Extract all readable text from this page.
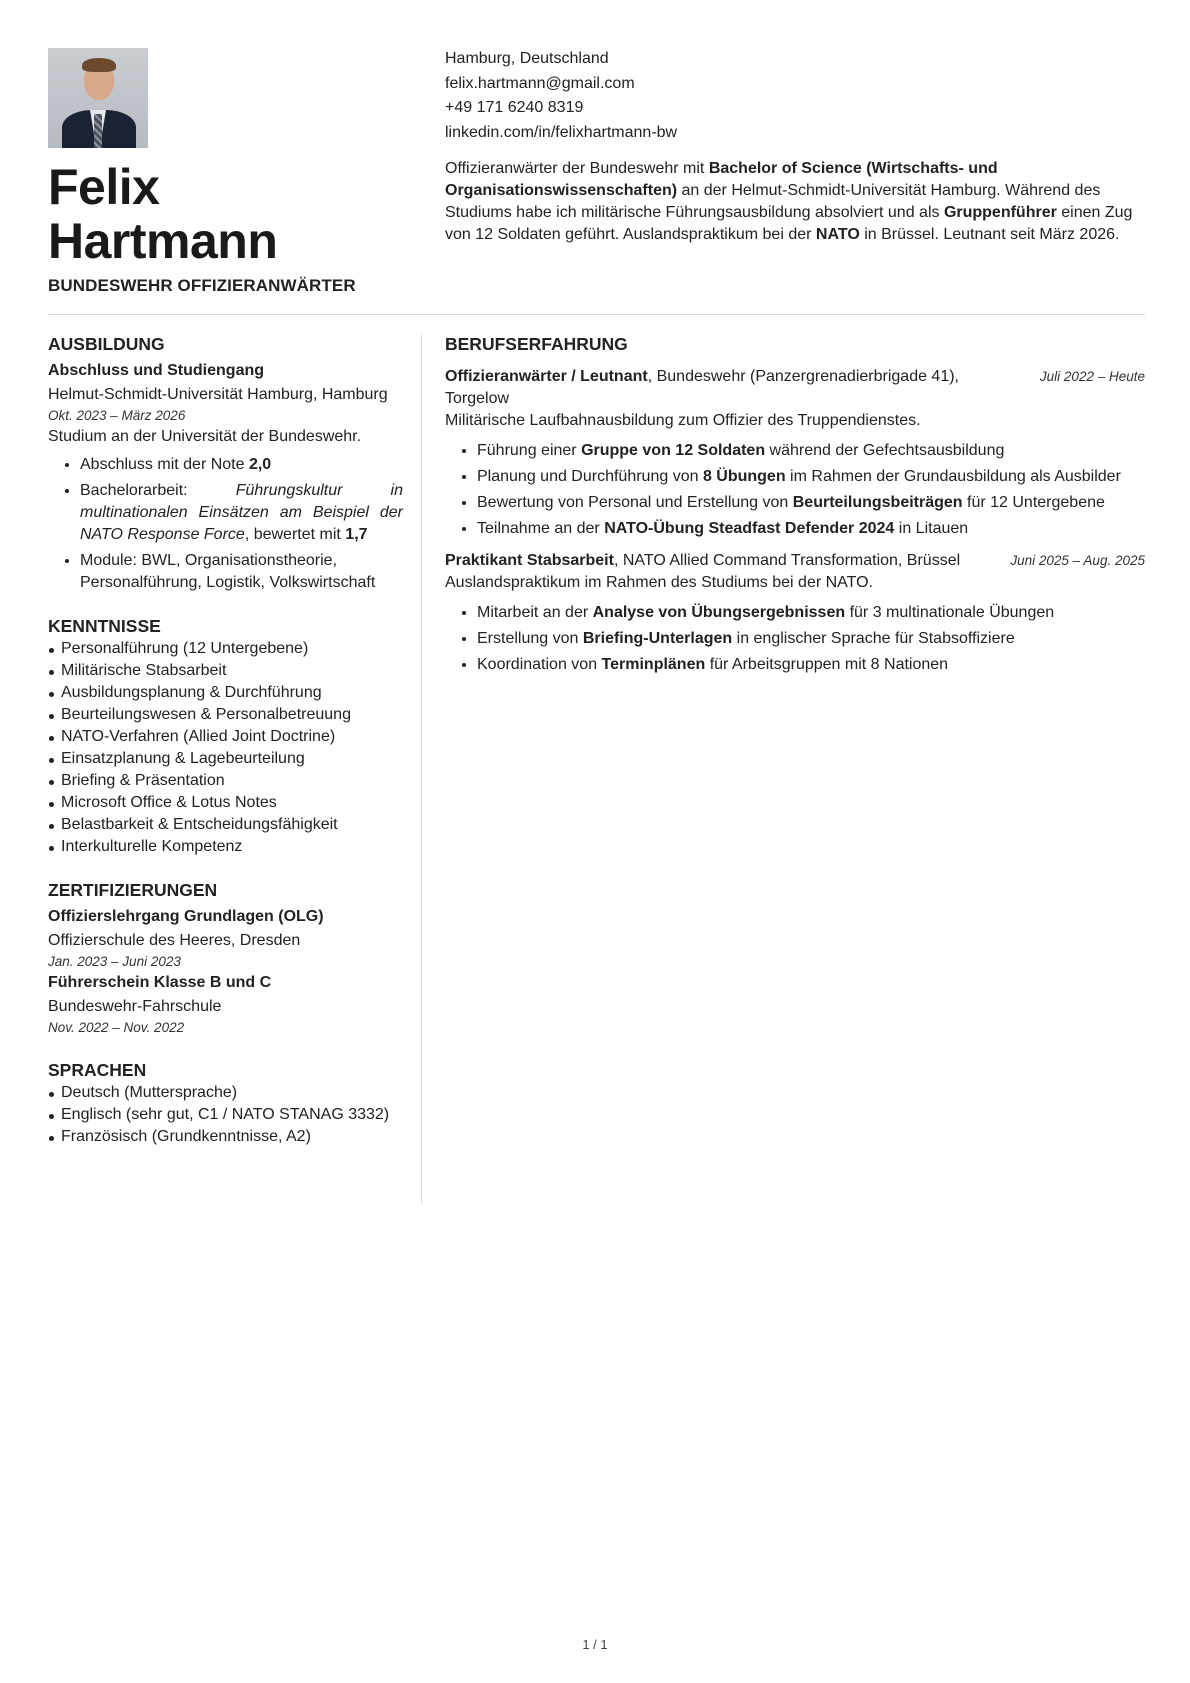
Felix
Hartmann
BUNDESWEHR OFFIZIERANWÄRTER
Hamburg, Deutschland
felix.hartmann@gmail.com
+49 171 6240 8319
linkedin.com/in/felixhartmann-bw
Offizieranwärter der Bundeswehr mit Bachelor of Science (Wirtschafts- und Organisationswissenschaften) an der Helmut-Schmidt-Universität Hamburg. Während des Studiums habe ich militärische Führungsausbildung absolviert und als Gruppenführer einen Zug von 12 Soldaten geführt. Auslandspraktikum bei der NATO in Brüssel. Leutnant seit März 2026.
AUSBILDUNG
Abschluss und Studiengang
Helmut-Schmidt-Universität Hamburg, Hamburg
Okt. 2023 – März 2026
Studium an der Universität der Bundeswehr.
• Abschluss mit der Note 2,0
• Bachelorarbeit: Führungskultur in multinationalen Einsätzen am Beispiel der NATO Response Force, bewertet mit 1,7
• Module: BWL, Organisationstheorie, Personalführung, Logistik, Volkswirtschaft
KENNTNISSE
Personalführung (12 Untergebene)
Militärische Stabsarbeit
Ausbildungsplanung & Durchführung
Beurteilungswesen & Personalbetreuung
NATO-Verfahren (Allied Joint Doctrine)
Einsatzplanung & Lagebeurteilung
Briefing & Präsentation
Microsoft Office & Lotus Notes
Belastbarkeit & Entscheidungsfähigkeit
Interkulturelle Kompetenz
ZERTIFIZIERUNGEN
Offizierslehrgang Grundlagen (OLG)
Offizierschule des Heeres, Dresden
Jan. 2023 – Juni 2023
Führerschein Klasse B und C
Bundeswehr-Fahrschule
Nov. 2022 – Nov. 2022
SPRACHEN
Deutsch (Muttersprache)
Englisch (sehr gut, C1 / NATO STANAG 3332)
Französisch (Grundkenntnisse, A2)
BERUFSERFAHRUNG
Offizieranwärter / Leutnant, Bundeswehr (Panzergrenadierbrigade 41), Torgelow
Juli 2022 – Heute
Militärische Laufbahnausbildung zum Offizier des Truppendienstes.
• Führung einer Gruppe von 12 Soldaten während der Gefechtsausbildung
• Planung und Durchführung von 8 Übungen im Rahmen der Grundausbildung als Ausbilder
• Bewertung von Personal und Erstellung von Beurteilungsbeiträgen für 12 Untergebene
• Teilnahme an der NATO-Übung Steadfast Defender 2024 in Litauen
Praktikant Stabsarbeit, NATO Allied Command Transformation, Brüssel	Juni 2025 – Aug. 2025
Auslandspraktikum im Rahmen des Studiums bei der NATO.
• Mitarbeit an der Analyse von Übungsergebnissen für 3 multinationale Übungen
• Erstellung von Briefing-Unterlagen in englischer Sprache für Stabsoffiziere
• Koordination von Terminplänen für Arbeitsgruppen mit 8 Nationen
1 / 1
